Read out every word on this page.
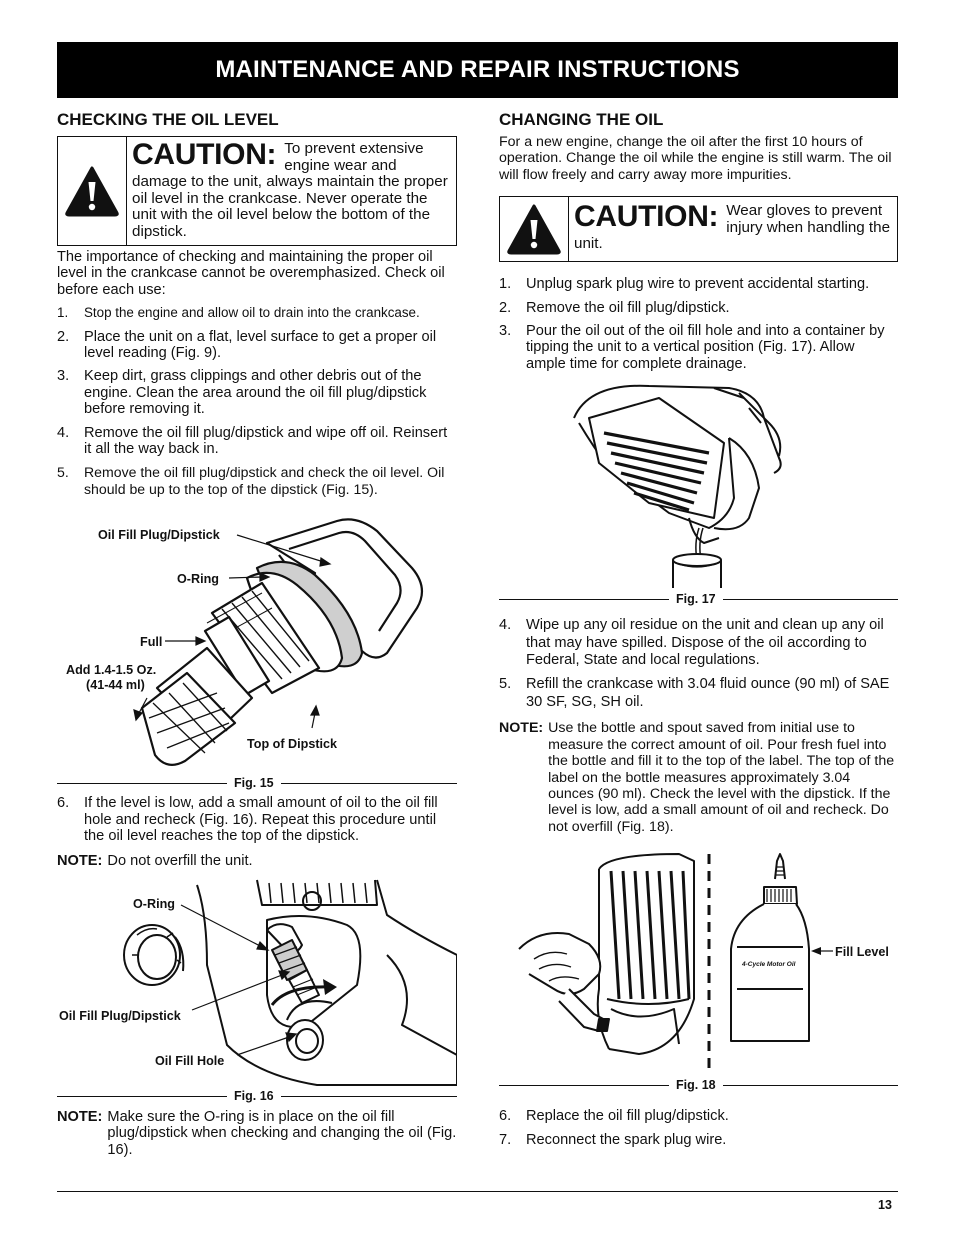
MAINTENANCE AND REPAIR INSTRUCTIONS
CHECKING THE OIL LEVEL
CAUTION: To prevent extensive engine wear and damage to the unit, always maintain the proper oil level in the crankcase. Never operate the unit with the oil level below the bottom of the dipstick.

The importance of checking and maintaining the proper oil level in the crankcase cannot be overemphasized. Check oil before each use:

1. Stop the engine and allow oil to drain into the crankcase.
2. Place the unit on a flat, level surface to get a proper oil level reading (Fig. 9).
3. Keep dirt, grass clippings and other debris out of the engine. Clean the area around the oil fill plug/dipstick before removing it.
4. Remove the oil fill plug/dipstick and wipe off oil. Reinsert it all the way back in.
5. Remove the oil fill plug/dipstick and check the oil level. Oil should be up to the top of the dipstick (Fig. 15).
Oil Fill Plug/Dipstick
O-Ring
Full
Add 1.4-1.5 Oz.
(41-44 ml)
Top of Dipstick
Fig. 15
6. If the level is low, add a small amount of oil to the oil fill hole and recheck (Fig. 16). Repeat this procedure until the oil level reaches the top of the dipstick.
NOTE: Do not overfill the unit.
O-Ring
Oil Fill Plug/Dipstick
Oil Fill Hole
Fig. 16
NOTE: Make sure the O-ring is in place on the oil fill plug/dipstick when checking and changing the oil (Fig. 16).
CHANGING THE OIL

For a new engine, change the oil after the first 10 hours of operation. Change the oil while the engine is still warm. The oil will flow freely and carry away more impurities.

CAUTION: Wear gloves to prevent injury when handling the unit.
1. Unplug spark plug wire to prevent accidental starting.
2. Remove the oil fill plug/dipstick.
3. Pour the oil out of the oil fill hole and into a container by tipping the unit to a vertical position (Fig. 17). Allow ample time for complete drainage.
Fig. 17
4. Wipe up any oil residue on the unit and clean up any oil that may have spilled. Dispose of the oil according to Federal, State and local regulations.
5. Refill the crankcase with 3.04 fluid ounce (90 ml) of SAE 30 SF, SG, SH oil.
NOTE: Use the bottle and spout saved from initial use to measure the correct amount of oil. Pour fresh fuel into the bottle and fill it to the top of the label. The top of the label on the bottle measures approximately 3.04 ounces (90 ml). Check the level with the dipstick. If the level is low, add a small amount of oil and recheck. Do not overfill (Fig. 18).
4-Cycle Motor Oil
Fill Level
Fig. 18
6. Replace the oil fill plug/dipstick.
7. Reconnect the spark plug wire.
13
